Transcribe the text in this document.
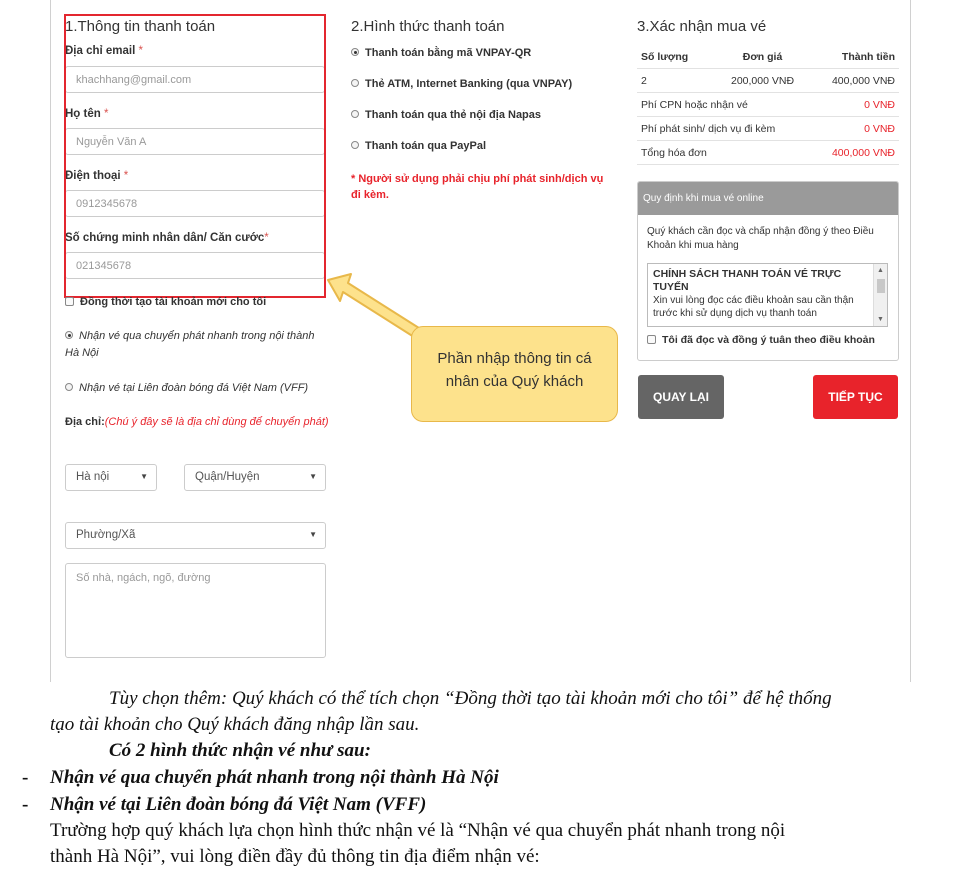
1.Thông tin thanh toán
Địa chỉ email *
khachhang@gmail.com
Họ tên *
Nguyễn Văn A
Điện thoại *
0912345678
Số chứng minh nhân dân/ Căn cước*
021345678
Đồng thời tạo tài khoản mới cho tôi
Nhận vé qua chuyển phát nhanh trong nội thành Hà Nội
Nhận vé tại Liên đoàn bóng đá Việt Nam (VFF)
Địa chỉ:(Chú ý đây sẽ là địa chỉ dùng để chuyển phát)
Hà nội	▼	Quận/Huyện	▼
Phường/Xã	▼
Số nhà, ngách, ngõ, đường
2.Hình thức thanh toán
Thanh toán bằng mã VNPAY-QR
Thẻ ATM, Internet Banking (qua VNPAY)
Thanh toán qua thẻ nội địa Napas
Thanh toán qua PayPal
* Người sử dụng phải chịu phí phát sinh/dịch vụ đi kèm.
3.Xác nhận mua vé
Số lượng	Đơn giá	Thành tiền
2	200,000 VNĐ	400,000 VNĐ
Phí CPN hoặc nhận vé		0 VNĐ
Phí phát sinh/ dịch vụ đi kèm		0 VNĐ
Tổng hóa đơn		400,000 VNĐ
Quy định khi mua vé online
Quý khách cần đọc và chấp nhận đồng ý theo Điều Khoản khi mua hàng
CHÍNH SÁCH THANH TOÁN VÉ TRỰC TUYẾN
Xin vui lòng đọc các điều khoản sau cần thận trước khi sử dụng dịch vụ thanh toán
▲
▼
Tôi đã đọc và đồng ý tuân theo điều khoản
QUAY LẠI	TIẾP TỤC
Phần nhập thông tin cá nhân của Quý khách
Tùy chọn thêm: Quý khách có thể tích chọn “Đồng thời tạo tài khoản mới cho tôi” để hệ thống
tạo tài khoản cho Quý khách đăng nhập lần sau.
Có 2 hình thức nhận vé như sau:
- Nhận vé qua chuyển phát nhanh trong nội thành Hà Nội
- Nhận vé tại Liên đoàn bóng đá Việt Nam (VFF)
Trường hợp quý khách lựa chọn hình thức nhận vé là “Nhận vé qua chuyển phát nhanh trong nội
thành Hà Nội”, vui lòng điền đầy đủ thông tin địa điểm nhận vé:
